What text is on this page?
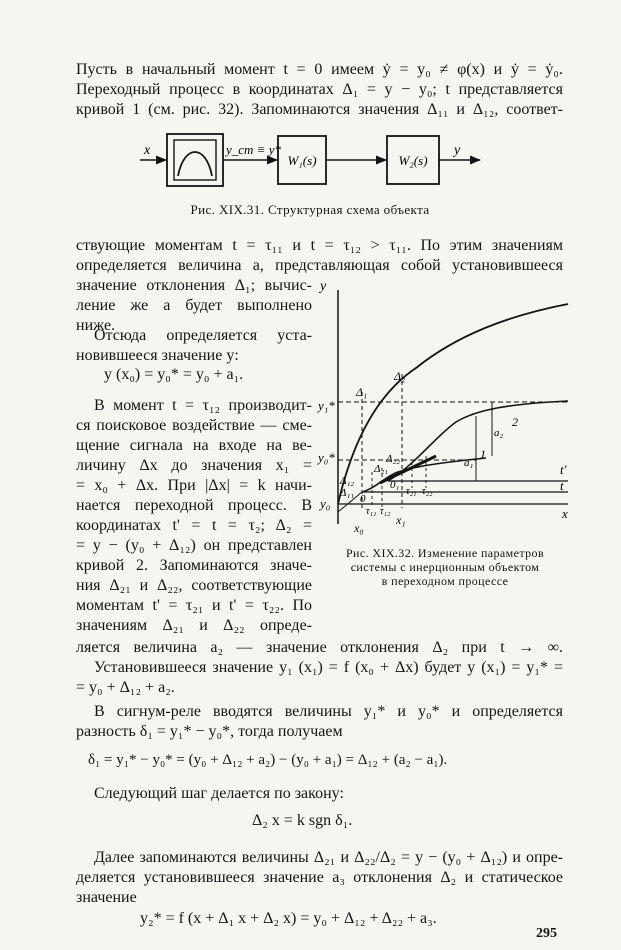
Пусть в начальный момент t = 0 имеем ẏ = y₀ ≠ φ(x) и ẏ = ẏ₀.
Переходный процесс в координатах Δ₁ = y − y₀; t представляется
кривой 1 (см. рис. 32). Запоминаются значения Δ₁₁ и Δ₁₂, соответ-
x	y_cm ≡ y*
W₁(s)	W₂(s)
y
Рис. XIX.31. Структурная схема объекта
ствующие моментам t = τ₁₁ и t = τ₁₂ > τ₁₁. По этим значениям
определяется величина a, представляющая собой установившееся
значение отклонения Δ₁; вычис-
ление же a будет выполнено
ниже.
Отсюда определяется уста-
новившееся значение y:
y (x₀) = y₀* = y₀ + a₁.
В момент t = τ₁₂ производит-
ся поисковое воздействие — сме-
щение сигнала на входе на ве-
личину Δx до значения x₁ =
= x₀ + Δx. При |Δx| = k начи-
нается переходной процесс. В
координатах t' = t = τ₂; Δ₂ =
= y − (y₀ + Δ₁₂) он представлен
кривой 2. Запоминаются значе-
ния Δ₂₁ и Δ₂₂, соответствующие
моментам t' = τ₂₁ и t' = τ₂₂. По
значениям Δ₂₁ и Δ₂₂ опреде-
ляется величина a₂ — значение отклонения Δ₂ при t → ∞.
y
x
t
t'
y₁*
y₀*
y₀
Δ₁
Δ₂
Δ₁₂
Δ₁₁
Δ₂₁
Δ₂₂	a₁
a₂
1
2
0
0₁
τ₁₁ τ₁₂
τ₂₁ τ₂₂
x₀
x₁
Рис. XIX.32. Изменение параметров
системы с инерционным объектом
в переходном процессе
Установившееся значение y₁ (x₁) = f (x₀ + Δx) будет y (x₁) = y₁* =
= y₀ + Δ₁₂ + a₂.
В сигнум-реле вводятся величины y₁* и y₀* и определяется
разность δ₁ = y₁* − y₀*, тогда получаем
δ₁ = y₁* − y₀* = (y₀ + Δ₁₂ + a₂) − (y₀ + a₁) = Δ₁₂ + (a₂ − a₁).
Следующий шаг делается по закону:
Δ₂ x = k sgn δ₁.
Далее запоминаются величины Δ₂₁ и Δ₂₂/Δ₂ = y − (y₀ + Δ₁₂) и опре-
деляется установившееся значение a₃ отклонения Δ₂ и статическое
значение
y₂* = f (x + Δ₁ x + Δ₂ x) = y₀ + Δ₁₂ + Δ₂₂ + a₃.
295
